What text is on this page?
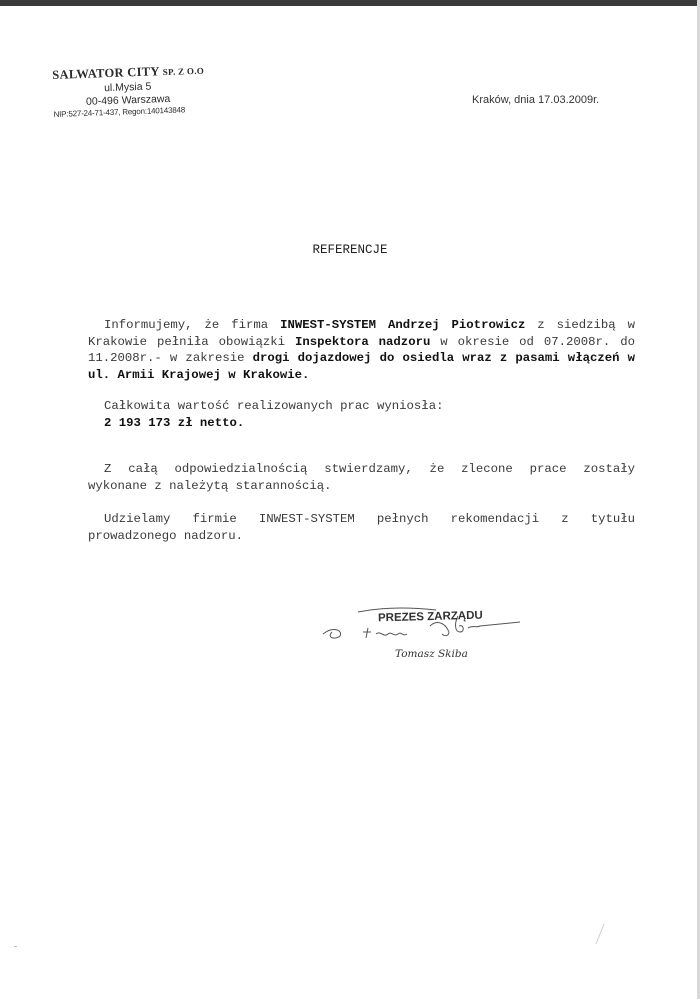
SALWATOR CITY SP. Z O.O
ul.Mysia 5
00-496 Warszawa
NIP:527-24-71-437, Regon:140143848
Kraków, dnia 17.03.2009r.
REFERENCJE
Informujemy, że firma INWEST-SYSTEM Andrzej Piotrowicz z siedzibą w Krakowie pełniła obowiązki Inspektora nadzoru w okresie od 07.2008r. do 11.2008r.- w zakresie drogi dojazdowej do osiedla wraz z pasami włączeń w ul. Armii Krajowej w Krakowie.
Całkowita wartość realizowanych prac wyniosła:
2 193 173 zł netto.
Z całą odpowiedzialnością stwierdzamy, że zlecone prace zostały wykonane z należytą starannością.
Udzielamy firmie INWEST-SYSTEM pełnych rekomendacji z tytułu prowadzonego nadzoru.
PREZES ZARZĄDU
Tomasz Skiba
